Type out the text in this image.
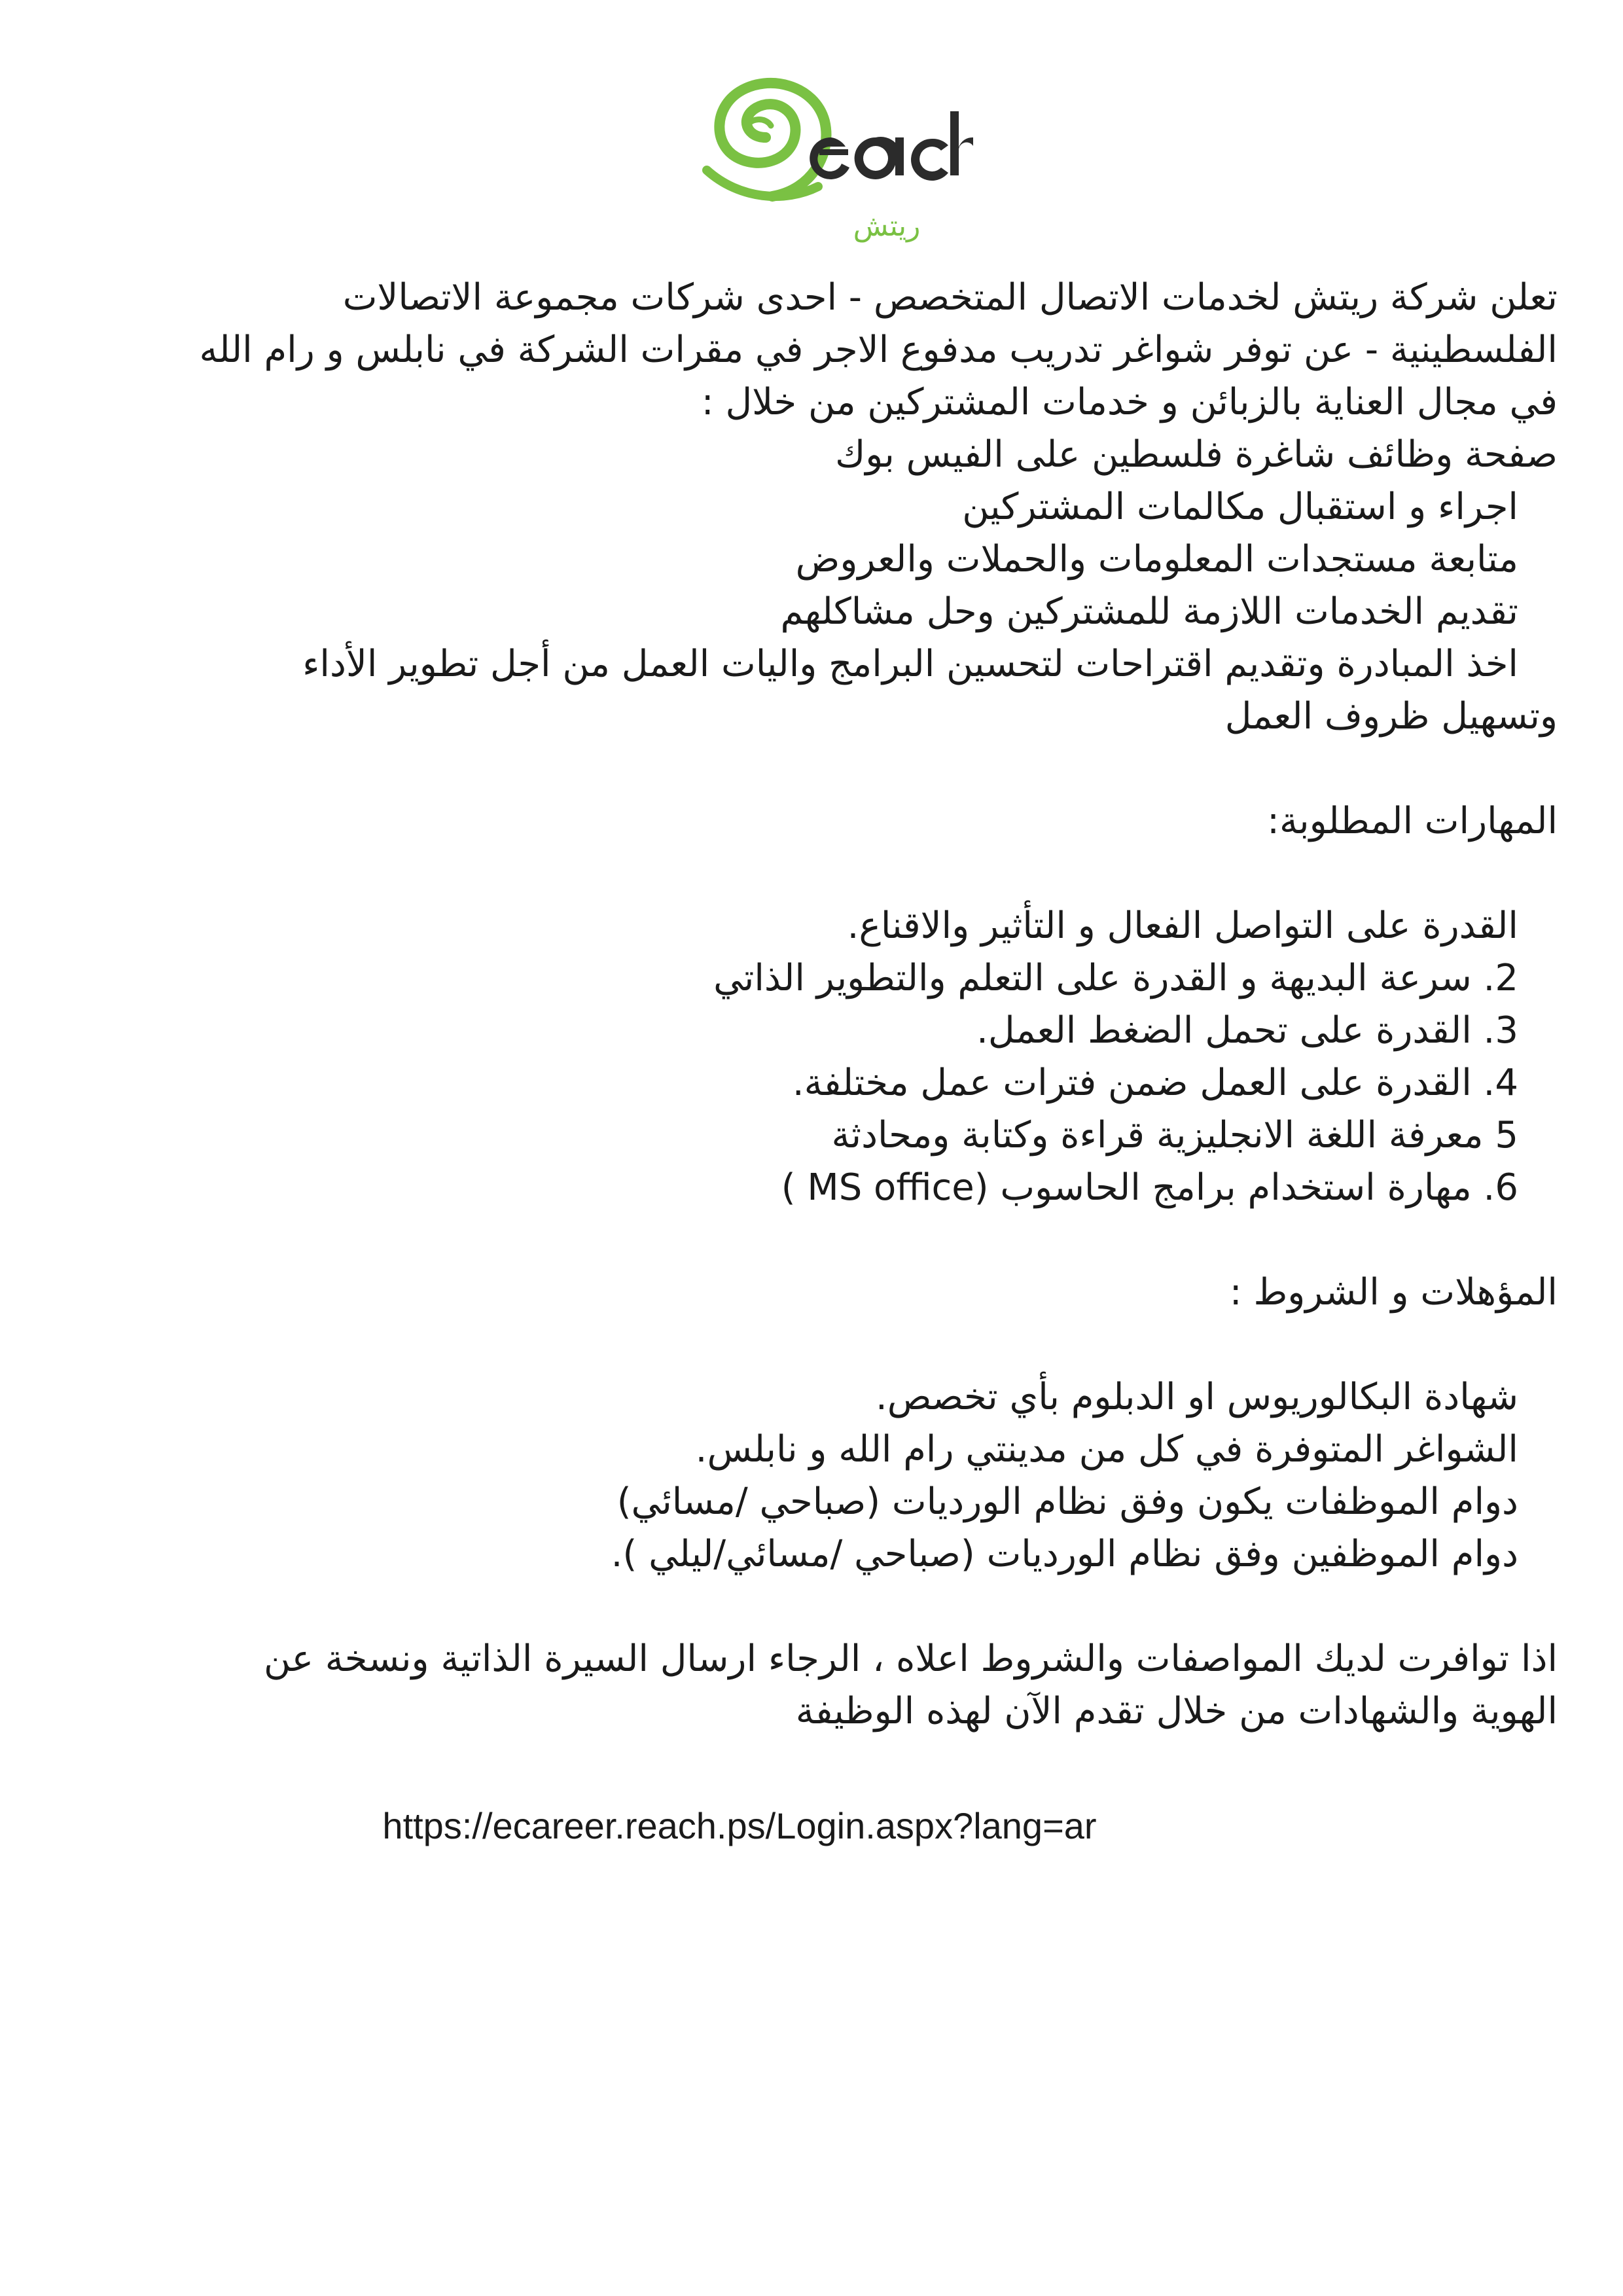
ريتش
تعلن شركة ريتش لخدمات الاتصال المتخصص - احدى شركات مجموعة الاتصالات
الفلسطينية - عن توفر شواغر تدريب مدفوع الاجر في مقرات الشركة في نابلس و رام الله
في مجال العناية بالزبائن و خدمات المشتركين من خلال :
صفحة وظائف شاغرة فلسطين على الفيس بوك
اجراء و استقبال مكالمات المشتركين
متابعة مستجدات المعلومات والحملات والعروض
تقديم الخدمات اللازمة للمشتركين وحل مشاكلهم
اخذ المبادرة وتقديم اقتراحات لتحسين البرامج واليات العمل من أجل تطوير الأداء
وتسهيل ظروف العمل
المهارات المطلوبة:
القدرة على التواصل الفعال و التأثير والاقناع.
2. سرعة البديهة و القدرة على التعلم والتطوير الذاتي
3. القدرة على تحمل الضغط العمل.
4. القدرة على العمل ضمن فترات عمل مختلفة.
5 معرفة اللغة الانجليزية قراءة وكتابة ومحادثة
6. مهارة استخدام برامج الحاسوب (MS office )
المؤهلات و الشروط :
شهادة البكالوريوس او الدبلوم بأي تخصص.
الشواغر المتوفرة في كل من مدينتي رام الله و نابلس.
دوام الموظفات يكون وفق نظام الورديات (صباحي /مسائي)
دوام الموظفين وفق نظام الورديات (صباحي /مسائي/ليلي ).
اذا توافرت لديك المواصفات والشروط اعلاه ، الرجاء ارسال السيرة الذاتية ونسخة عن
الهوية والشهادات من خلال تقدم الآن لهذه الوظيفة
https://ecareer.reach.ps/Login.aspx?lang=ar
